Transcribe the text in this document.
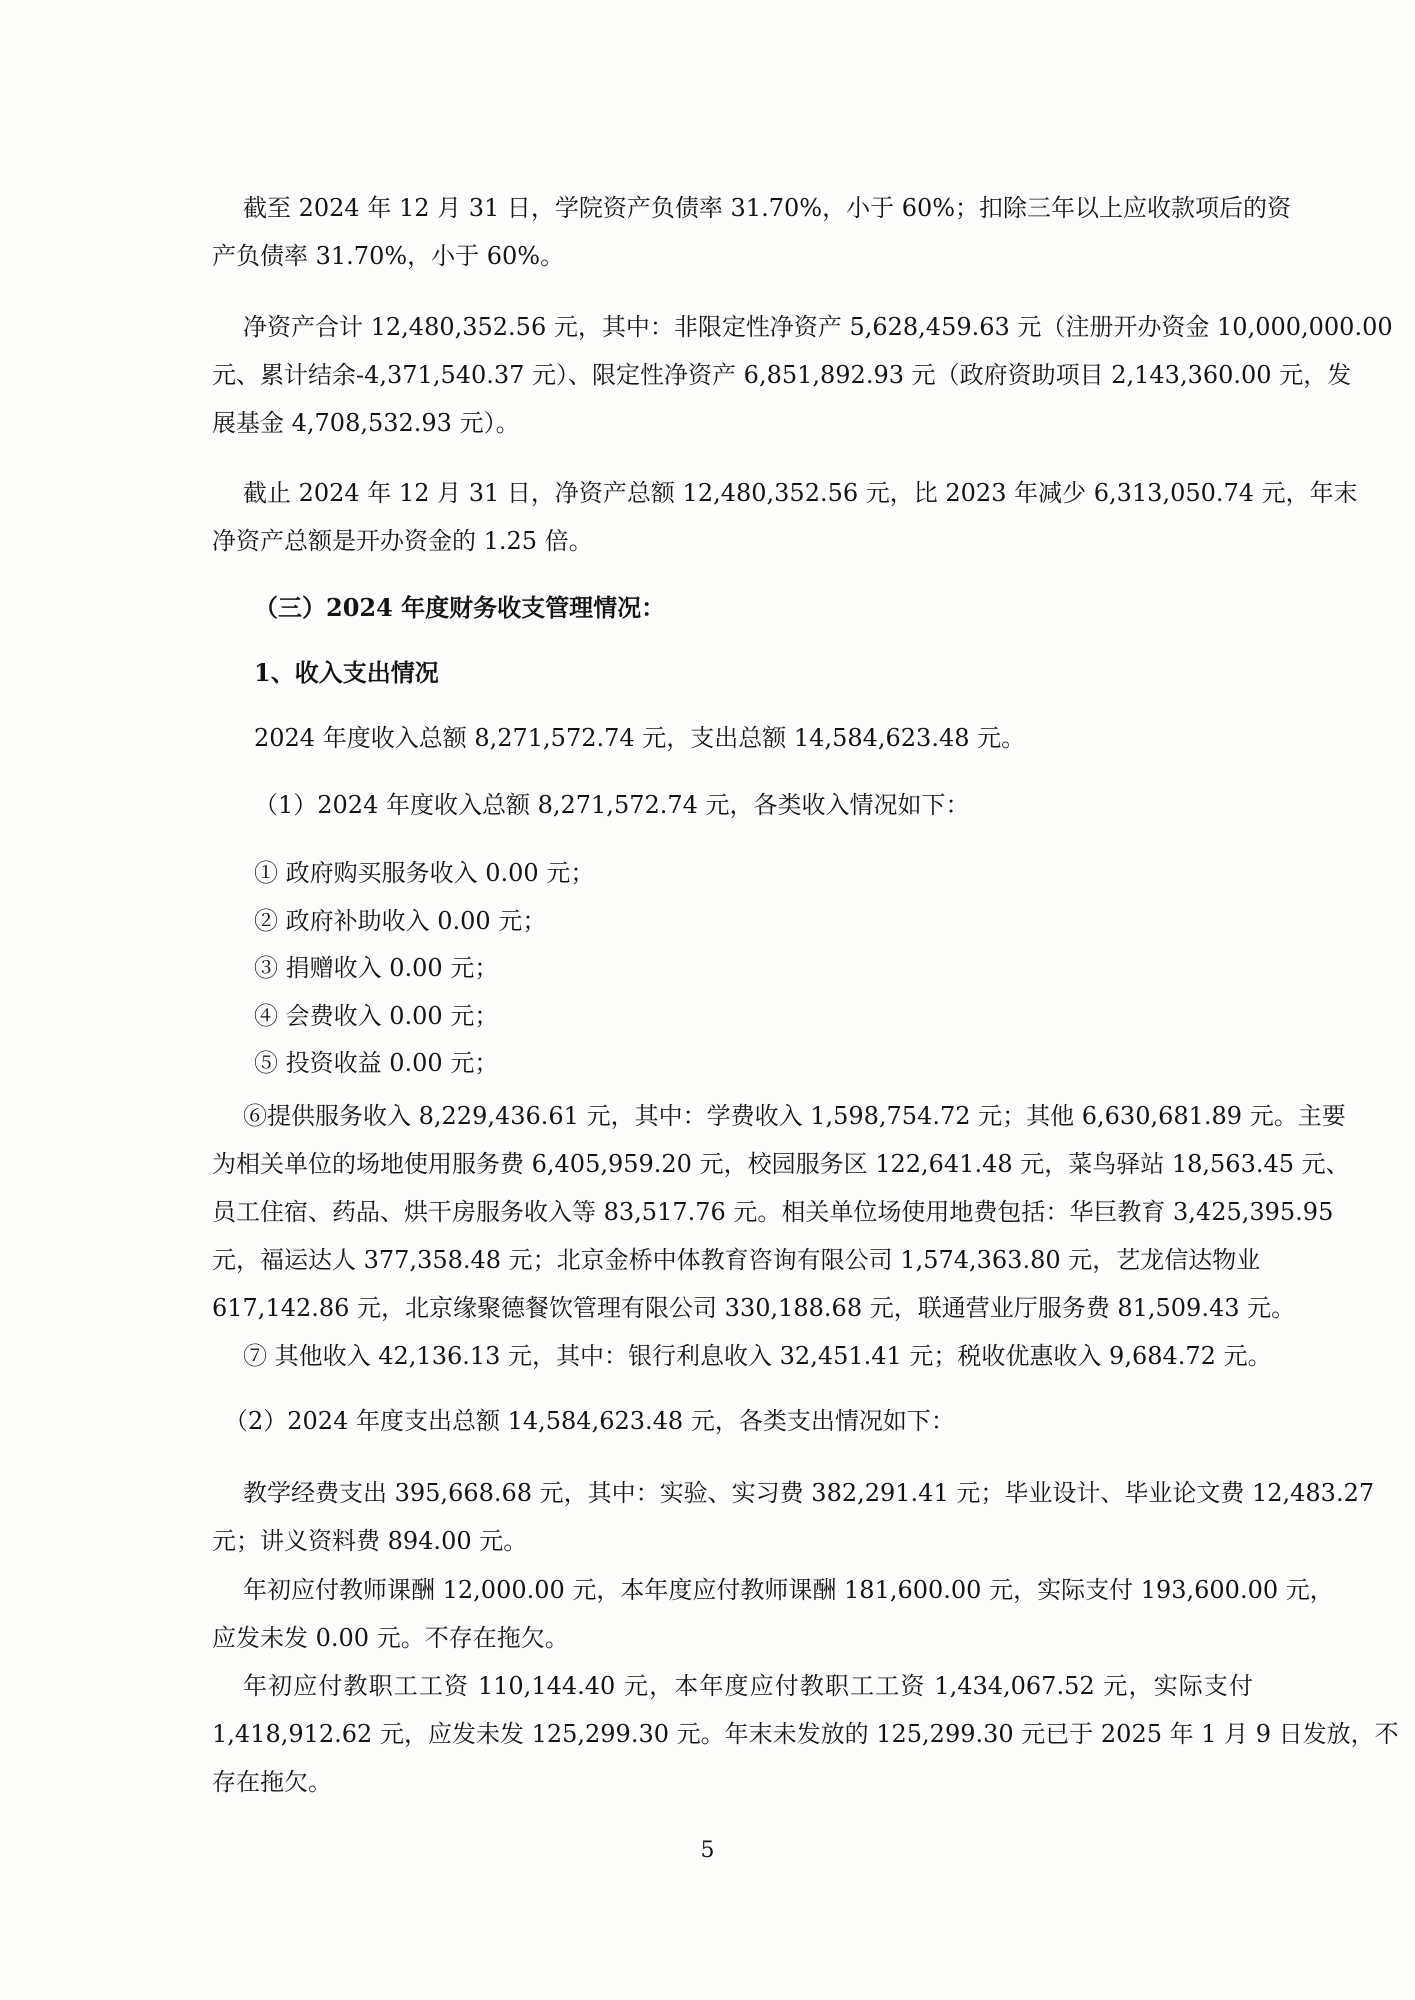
截至 2024 年 12 月 31 日，学院资产负债率 31.70%，小于 60%；扣除三年以上应收款项后的资
产负债率 31.70%，小于 60%。
净资产合计 12,480,352.56 元，其中：非限定性净资产 5,628,459.63 元（注册开办资金 10,000,000.00
元、累计结余-4,371,540.37 元）、限定性净资产 6,851,892.93 元（政府资助项目 2,143,360.00 元，发
展基金 4,708,532.93 元）。
截止 2024 年 12 月 31 日，净资产总额 12,480,352.56 元，比 2023 年减少 6,313,050.74 元，年末
净资产总额是开办资金的 1.25 倍。
（三）2024 年度财务收支管理情况：
1、收入支出情况
2024 年度收入总额 8,271,572.74 元，支出总额 14,584,623.48 元。
（1）2024 年度收入总额 8,271,572.74 元，各类收入情况如下：
① 政府购买服务收入 0.00 元；
② 政府补助收入 0.00 元；
③ 捐赠收入 0.00 元；
④ 会费收入 0.00 元；
⑤ 投资收益 0.00 元；
⑥提供服务收入 8,229,436.61 元，其中：学费收入 1,598,754.72 元；其他 6,630,681.89 元。主要
为相关单位的场地使用服务费 6,405,959.20 元，校园服务区 122,641.48 元，菜鸟驿站 18,563.45 元、
员工住宿、药品、烘干房服务收入等 83,517.76 元。相关单位场使用地费包括：华巨教育 3,425,395.95
元，福运达人 377,358.48 元；北京金桥中体教育咨询有限公司 1,574,363.80 元，艺龙信达物业
617,142.86 元，北京缘聚德餐饮管理有限公司 330,188.68 元，联通营业厅服务费 81,509.43 元。
⑦ 其他收入 42,136.13 元，其中：银行利息收入 32,451.41 元；税收优惠收入 9,684.72 元。
（2）2024 年度支出总额 14,584,623.48 元，各类支出情况如下：
教学经费支出 395,668.68 元，其中：实验、实习费 382,291.41 元；毕业设计、毕业论文费 12,483.27
元；讲义资料费 894.00 元。
年初应付教师课酬 12,000.00 元，本年度应付教师课酬 181,600.00 元，实际支付 193,600.00 元，
应发未发 0.00 元。不存在拖欠。
年初应付教职工工资 110,144.40 元，本年度应付教职工工资 1,434,067.52 元，实际支付
1,418,912.62 元，应发未发 125,299.30 元。年末未发放的 125,299.30 元已于 2025 年 1 月 9 日发放，不
存在拖欠。
5
